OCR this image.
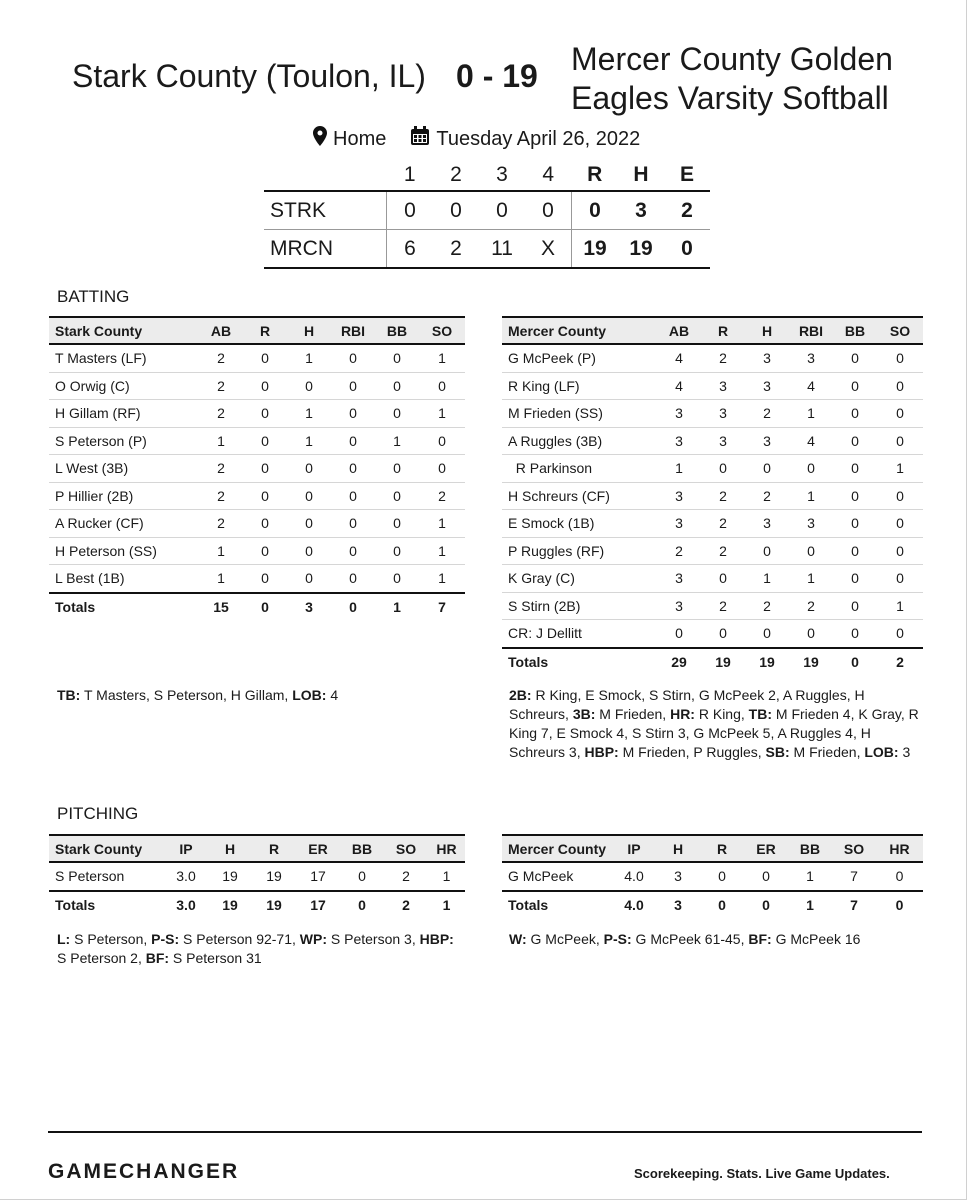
Stark County (Toulon, IL) 0 - 19 Mercer County Golden Eagles Varsity Softball
Home	Tuesday April 26, 2022
	1	2	3	4	R	H	E
STRK	0	0	0	0	0	3	2
MRCN	6	2	11	X	19	19	0
BATTING
Stark County	AB	R	H	RBI	BB	SO
T Masters (LF)	2	0	1	0	0	1
O Orwig (C)	2	0	0	0	0	0
H Gillam (RF)	2	0	1	0	0	1
S Peterson (P)	1	0	1	0	1	0
L West (3B)	2	0	0	0	0	0
P Hillier (2B)	2	0	0	0	0	2
A Rucker (CF)	2	0	0	0	0	1
H Peterson (SS)	1	0	0	0	0	1
L Best (1B)	1	0	0	0	0	1
Totals	15	0	3	0	1	7
Mercer County	AB	R	H	RBI	BB	SO
G McPeek (P)	4	2	3	3	0	0
R King (LF)	4	3	3	4	0	0
M Frieden (SS)	3	3	2	1	0	0
A Ruggles (3B)	3	3	3	4	0	0
R Parkinson	1	0	0	0	0	1
H Schreurs (CF)	3	2	2	1	0	0
E Smock (1B)	3	2	3	3	0	0
P Ruggles (RF)	2	2	0	0	0	0
K Gray (C)	3	0	1	1	0	0
S Stirn (2B)	3	2	2	2	0	1
CR: J Dellitt	0	0	0	0	0	0
Totals	29	19	19	19	0	2
TB: T Masters, S Peterson, H Gillam, LOB: 4	2B: R King, E Smock, S Stirn, G McPeek 2, A Ruggles, H Schreurs, 3B: M Frieden, HR: R King, TB: M Frieden 4, K Gray, R King 7, E Smock 4, S Stirn 3, G McPeek 5, A Ruggles 4, H Schreurs 3, HBP: M Frieden, P Ruggles, SB: M Frieden, LOB: 3
PITCHING
Stark County	IP	H	R	ER	BB	SO	HR
S Peterson	3.0	19	19	17	0	2	1
Totals	3.0	19	19	17	0	2	1
Mercer County	IP	H	R	ER	BB	SO	HR
G McPeek	4.0	3	0	0	1	7	0
Totals	4.0	3	0	0	1	7	0
L: S Peterson, P-S: S Peterson 92-71, WP: S Peterson 3, HBP: S Peterson 2, BF: S Peterson 31
W: G McPeek, P-S: G McPeek 61-45, BF: G McPeek 16
GAMECHANGER	Scorekeeping. Stats. Live Game Updates.
